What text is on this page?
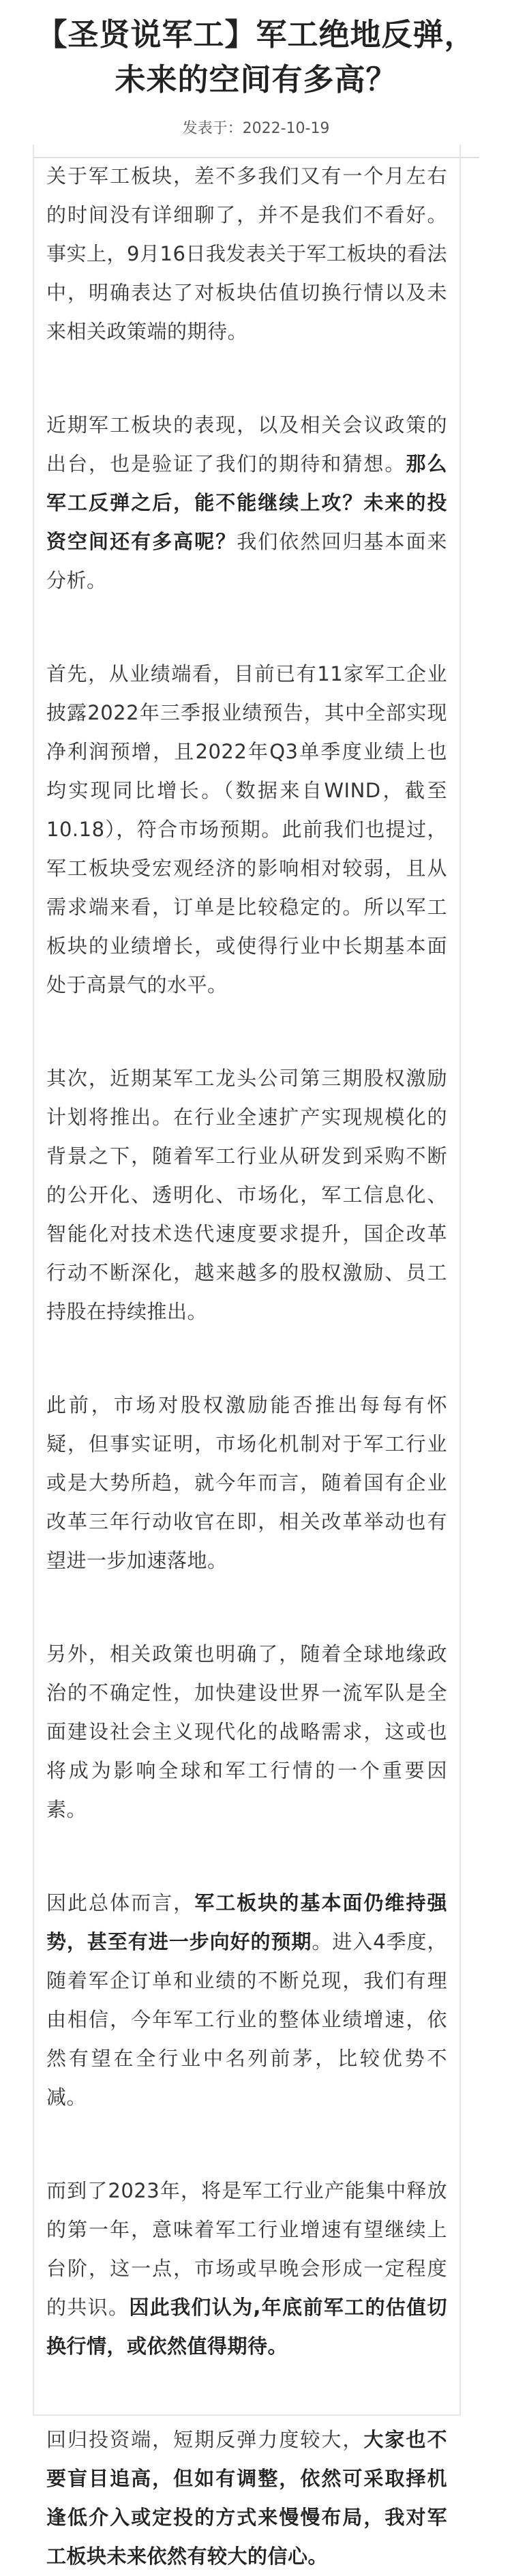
【圣贤说军工】军工绝地反弹，
未来的空间有多高？
发表于：2022-10-19

关于军工板块，差不多我们又有一个月左右的时间没有详细聊了，并不是我们不看好。事实上，9月16日我发表关于军工板块的看法中，明确表达了对板块估值切换行情以及未来相关政策端的期待。

近期军工板块的表现，以及相关会议政策的出台，也是验证了我们的期待和猜想。那么军工反弹之后，能不能继续上攻？未来的投资空间还有多高呢？我们依然回归基本面来分析。

首先，从业绩端看，目前已有11家军工企业披露2022年三季报业绩预告，其中全部实现净利润预增，且2022年Q3单季度业绩上也均实现同比增长。（数据来自WIND，截至10.18），符合市场预期。此前我们也提过，军工板块受宏观经济的影响相对较弱，且从需求端来看，订单是比较稳定的。所以军工板块的业绩增长，或使得行业中长期基本面处于高景气的水平。

其次，近期某军工龙头公司第三期股权激励计划将推出。在行业全速扩产实现规模化的背景之下，随着军工行业从研发到采购不断的公开化、透明化、市场化，军工信息化、智能化对技术迭代速度要求提升，国企改革行动不断深化，越来越多的股权激励、员工持股在持续推出。

此前，市场对股权激励能否推出每每有怀疑，但事实证明，市场化机制对于军工行业或是大势所趋，就今年而言，随着国有企业改革三年行动收官在即，相关改革举动也有望进一步加速落地。

另外，相关政策也明确了，随着全球地缘政治的不确定性，加快建设世界一流军队是全面建设社会主义现代化的战略需求，这或也将成为影响全球和军工行情的一个重要因素。

因此总体而言，军工板块的基本面仍维持强势，甚至有进一步向好的预期。进入4季度，随着军企订单和业绩的不断兑现，我们有理由相信，今年军工行业的整体业绩增速，依然有望在全行业中名列前茅，比较优势不减。

而到了2023年，将是军工行业产能集中释放的第一年，意味着军工行业增速有望继续上台阶，这一点，市场或早晚会形成一定程度的共识。因此我们认为,年底前军工的估值切换行情，或依然值得期待。

回归投资端，短期反弹力度较大，大家也不要盲目追高，但如有调整，依然可采取择机逢低介入或定投的方式来慢慢布局，我对军工板块未来依然有较大的信心。
